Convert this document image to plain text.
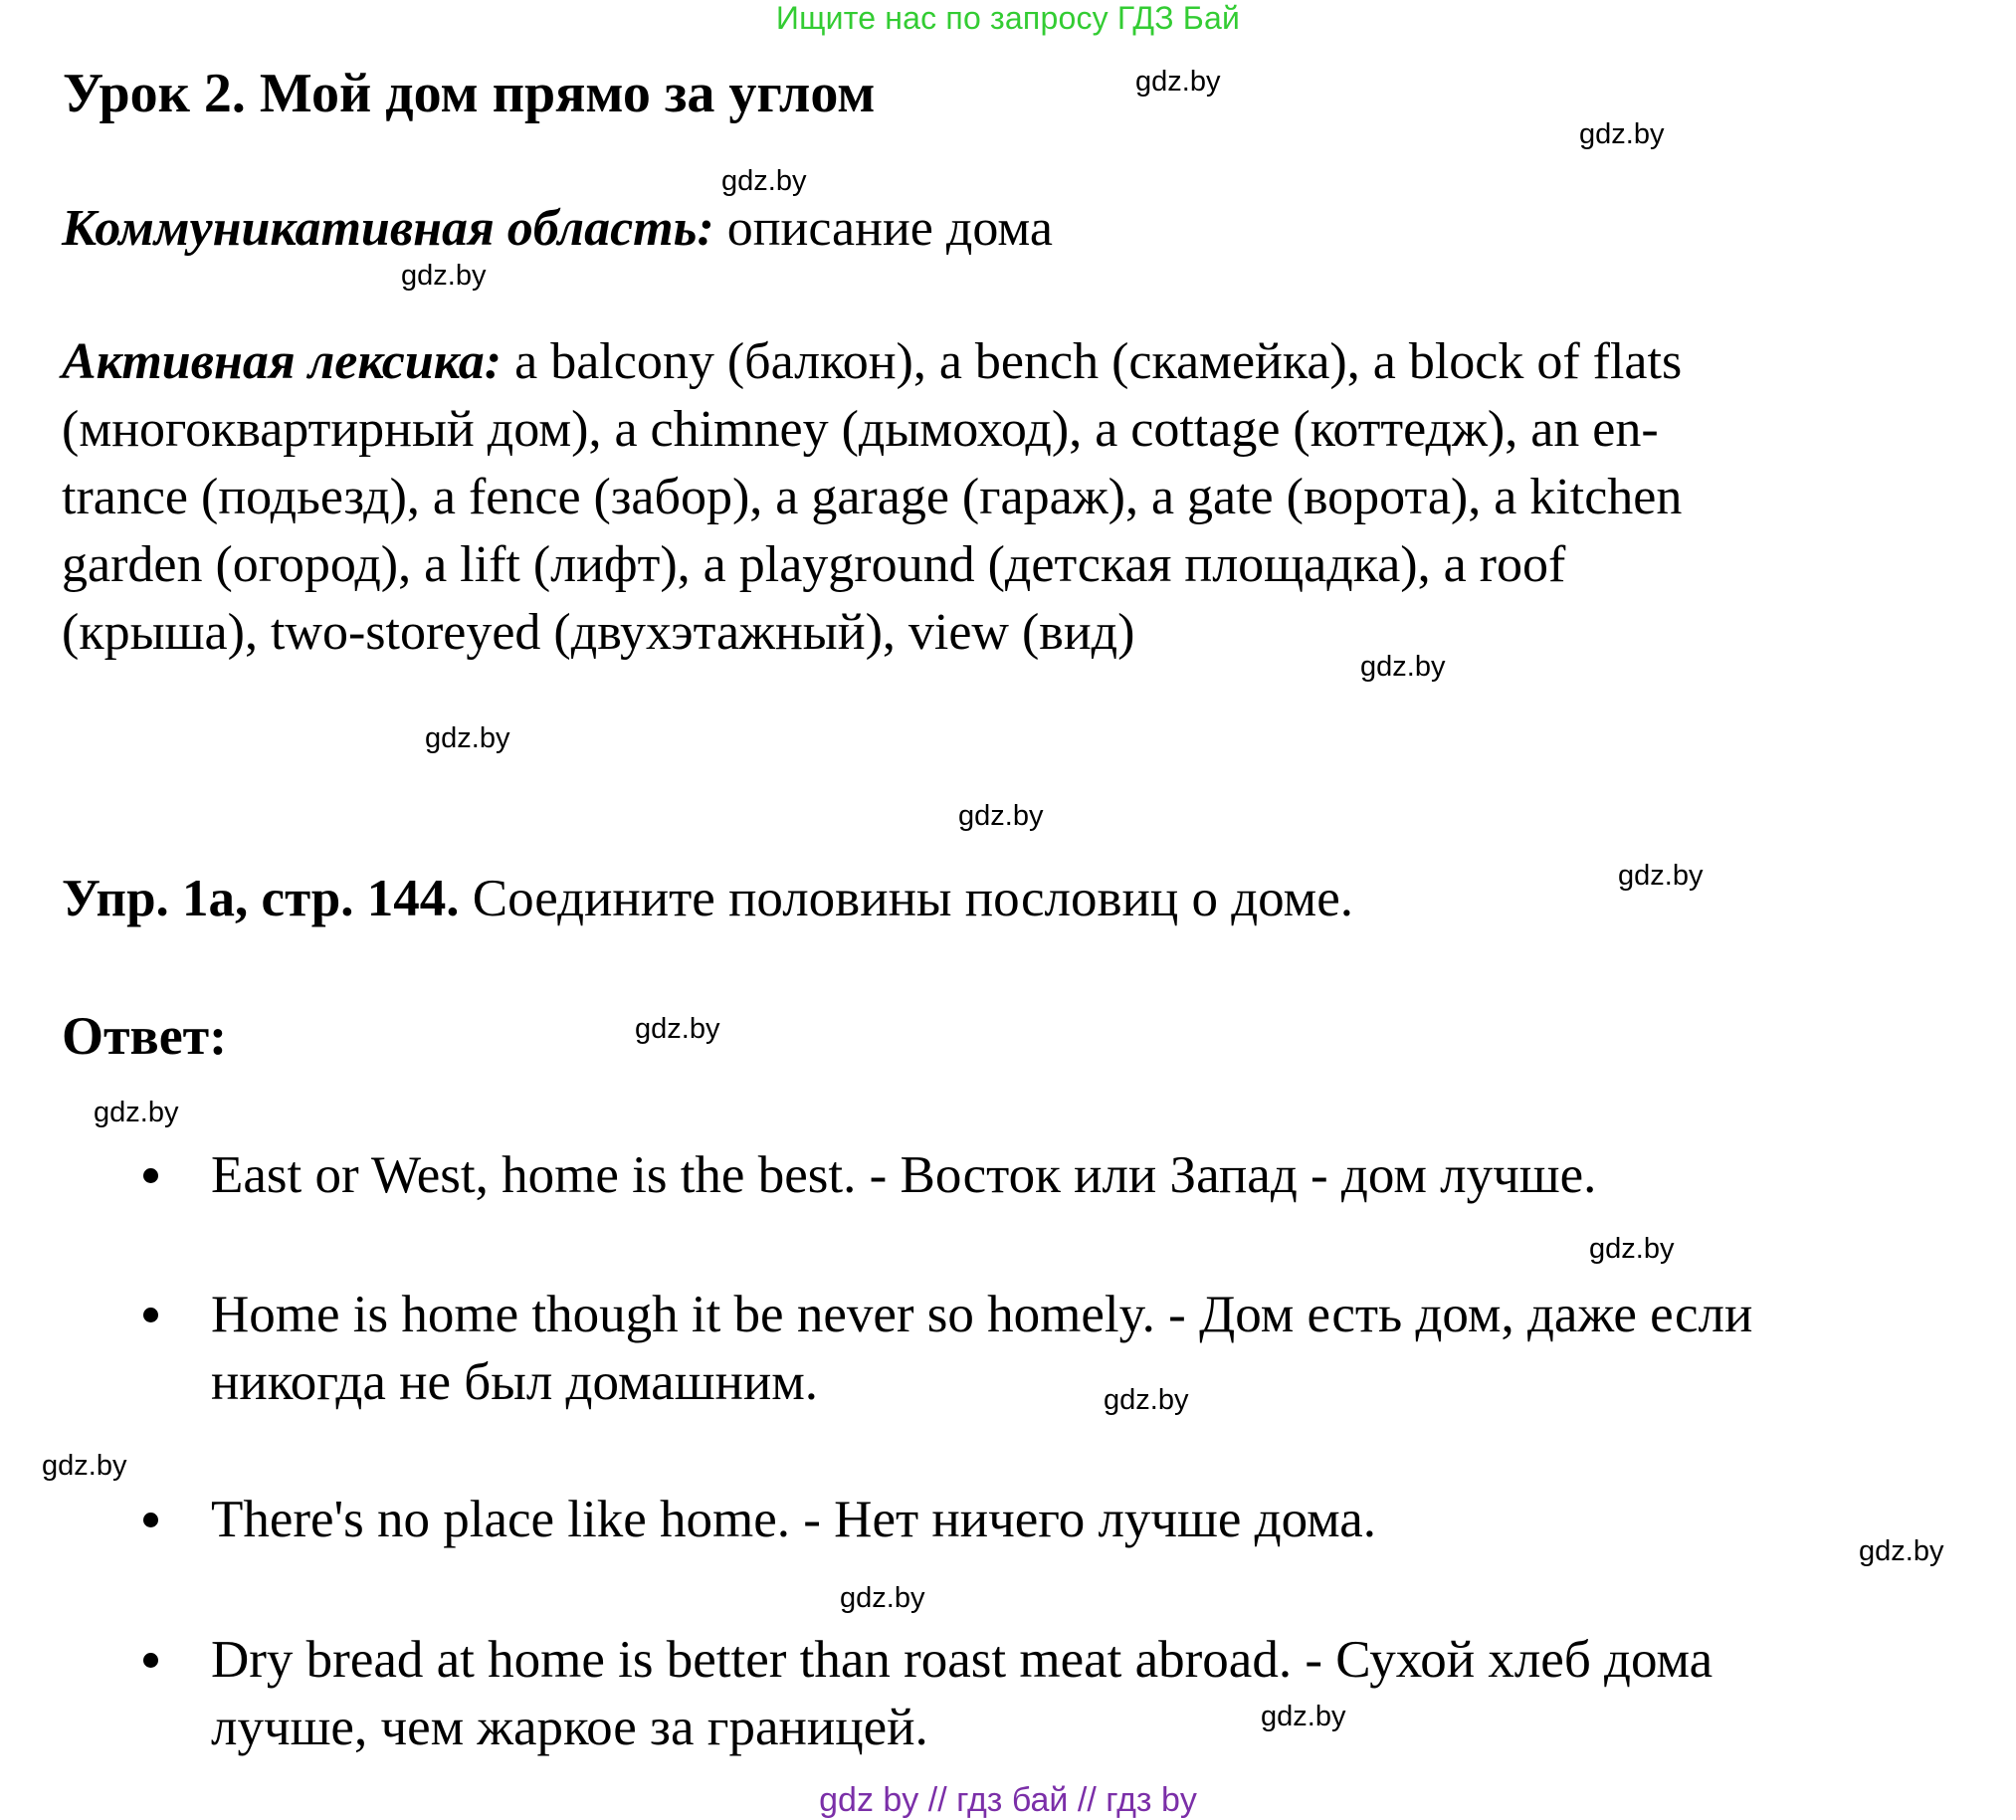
Ищите нас по запросу ГДЗ Бай
Урок 2. Мой дом прямо за углом
Коммуникативная область: описание дома
Активная лексика: a balcony (балкон), a bench (скамейка), a block of flats
(многоквартирный дом), a chimney (дымоход), a cottage (коттедж), an en-
trance (подьезд), a fence (забор), a garage (гараж), a gate (ворота), a kitchen
garden (огород), a lift (лифт), a playground (детская площадка), a roof
(крыша), two-storeyed (двухэтажный), view (вид)
Упр. 1а, стр. 144. Соедините половины пословиц о доме.
Ответ:
East or West, home is the best. - Восток или Запад - дом лучше.
Home is home though it be never so homely. - Дом есть дом, даже если
никогда не был домашним.
There's no place like home. - Нет ничего лучше дома.
Dry bread at home is better than roast meat abroad. - Сухой хлеб дома
лучше, чем жаркое за границей.
gdz.by
gdz.by
gdz.by
gdz.by
gdz.by
gdz.by
gdz.by
gdz.by
gdz.by
gdz.by
gdz.by
gdz.by
gdz.by
gdz.by
gdz.by
gdz.by
gdz by // гдз бай // гдз by
